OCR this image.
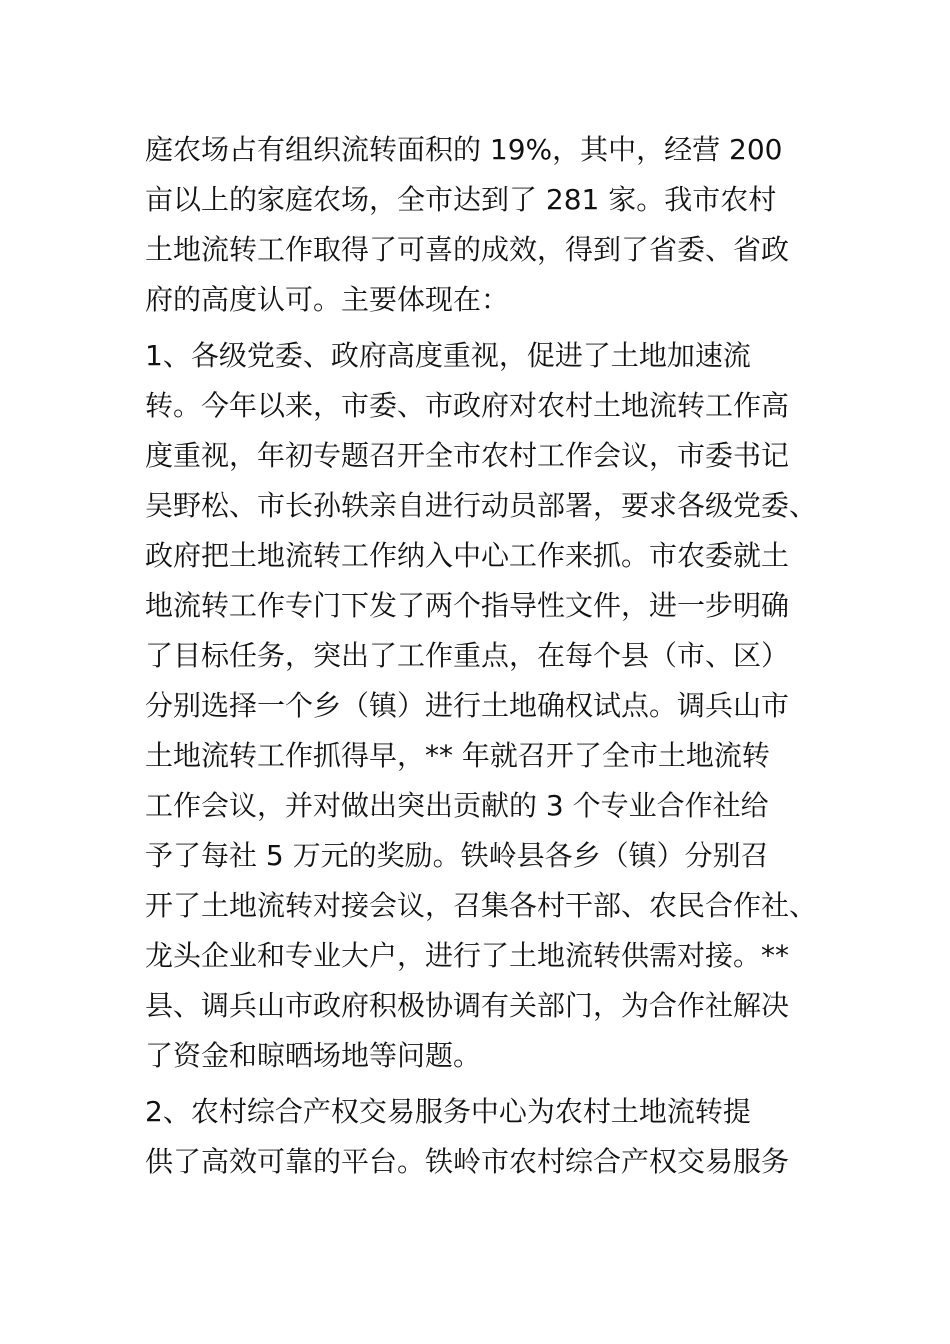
庭农场占有组织流转面积的 19%，其中，经营 200
亩以上的家庭农场，全市达到了 281 家。我市农村
土地流转工作取得了可喜的成效，得到了省委、省政
府的高度认可。主要体现在：
1、各级党委、政府高度重视，促进了土地加速流
转。今年以来，市委、市政府对农村土地流转工作高
度重视，年初专题召开全市农村工作会议，市委书记
吴野松、市长孙轶亲自进行动员部署，要求各级党委、
政府把土地流转工作纳入中心工作来抓。市农委就土
地流转工作专门下发了两个指导性文件，进一步明确
了目标任务，突出了工作重点，在每个县（市、区）
分别选择一个乡（镇）进行土地确权试点。调兵山市
土地流转工作抓得早，** 年就召开了全市土地流转
工作会议，并对做出突出贡献的 3 个专业合作社给
予了每社 5 万元的奖励。铁岭县各乡（镇）分别召
开了土地流转对接会议，召集各村干部、农民合作社、
龙头企业和专业大户，进行了土地流转供需对接。**
县、调兵山市政府积极协调有关部门，为合作社解决
了资金和晾晒场地等问题。
2、农村综合产权交易服务中心为农村土地流转提
供了高效可靠的平台。铁岭市农村综合产权交易服务
